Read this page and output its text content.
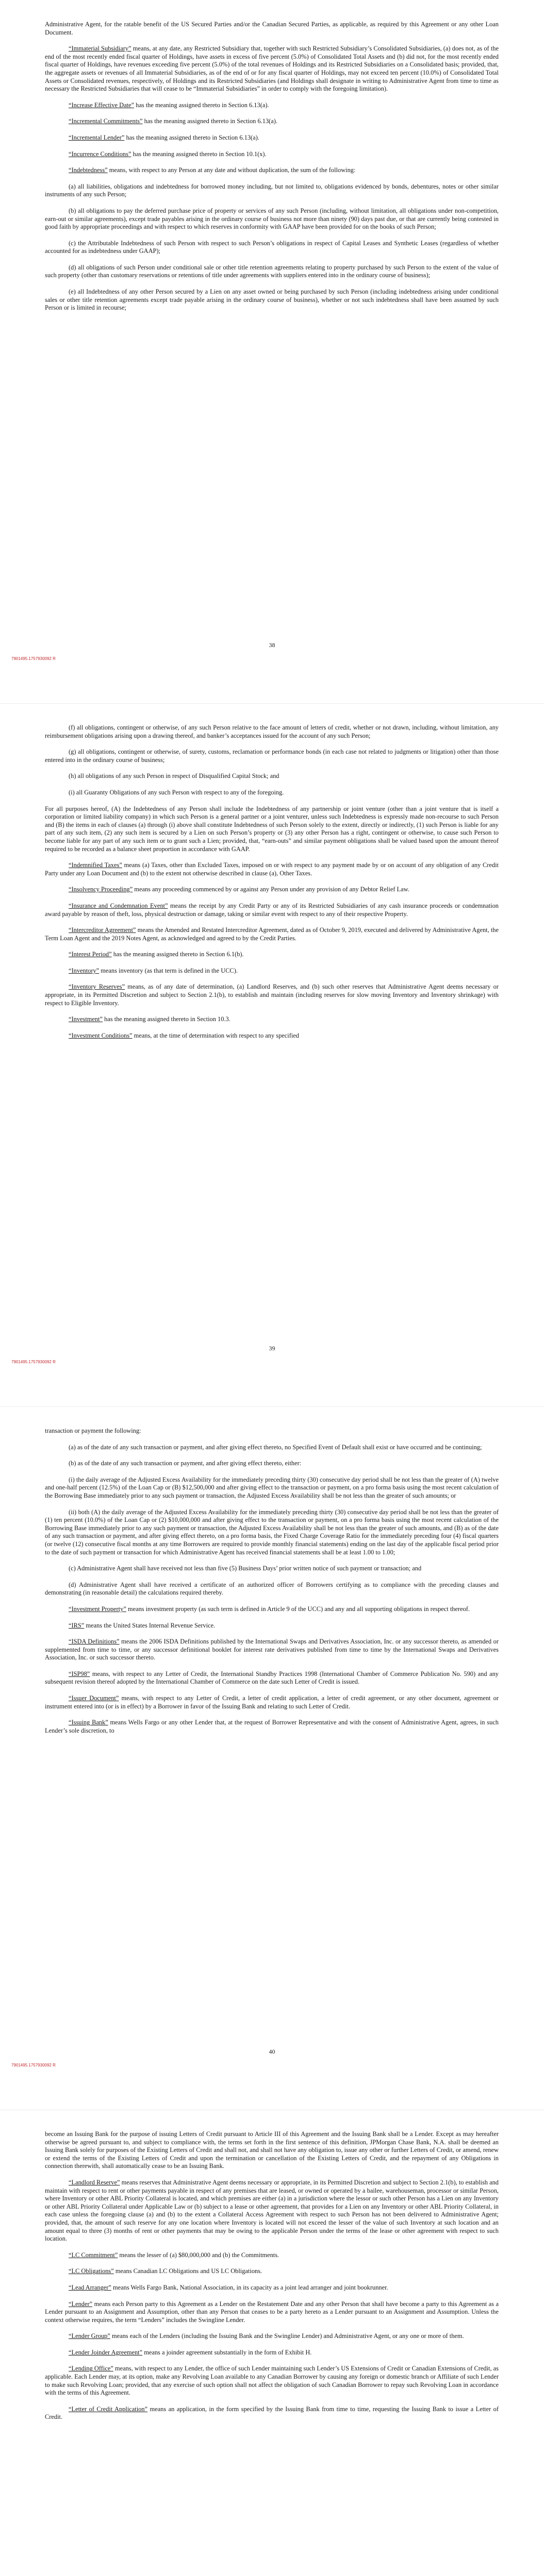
Administrative Agent, for the ratable benefit of the US Secured Parties and/or the Canadian Secured Parties, as applicable, as required by this Agreement or any other Loan Document.

“Immaterial Subsidiary” means, at any date, any Restricted Subsidiary that, together with such Restricted Subsidiary’s Consolidated Subsidiaries, (a) does not, as of the end of the most recently ended fiscal quarter of Holdings, have assets in excess of five percent (5.0%) of Consolidated Total Assets and (b) did not, for the most recently ended fiscal quarter of Holdings, have revenues exceeding five percent (5.0%) of the total revenues of Holdings and its Restricted Subsidiaries on a Consolidated basis; provided, that, the aggregate assets or revenues of all Immaterial Subsidiaries, as of the end of or for any fiscal quarter of Holdings, may not exceed ten percent (10.0%) of Consolidated Total Assets or Consolidated revenues, respectively, of Holdings and its Restricted Subsidiaries (and Holdings shall designate in writing to Administrative Agent from time to time as necessary the Restricted Subsidiaries that will cease to be “Immaterial Subsidiaries” in order to comply with the foregoing limitation).

“Increase Effective Date” has the meaning assigned thereto in Section 6.13(a).

“Incremental Commitments” has the meaning assigned thereto in Section 6.13(a).

“Incremental Lender” has the meaning assigned thereto in Section 6.13(a).

“Incurrence Conditions” has the meaning assigned thereto in Section 10.1(x).

“Indebtedness” means, with respect to any Person at any date and without duplication, the sum of the following:

(a) all liabilities, obligations and indebtedness for borrowed money including, but not limited to, obligations evidenced by bonds, debentures, notes or other similar instruments of any such Person;

(b) all obligations to pay the deferred purchase price of property or services of any such Person (including, without limitation, all obligations under non-competition, earn-out or similar agreements), except trade payables arising in the ordinary course of business not more than ninety (90) days past due, or that are currently being contested in good faith by appropriate proceedings and with respect to which reserves in conformity with GAAP have been provided for on the books of such Person;

(c) the Attributable Indebtedness of such Person with respect to such Person’s obligations in respect of Capital Leases and Synthetic Leases (regardless of whether accounted for as indebtedness under GAAP);

(d) all obligations of such Person under conditional sale or other title retention agreements relating to property purchased by such Person to the extent of the value of such property (other than customary reservations or retentions of title under agreements with suppliers entered into in the ordinary course of business);

(e) all Indebtedness of any other Person secured by a Lien on any asset owned or being purchased by such Person (including indebtedness arising under conditional sales or other title retention agreements except trade payable arising in the ordinary course of business), whether or not such indebtedness shall have been assumed by such Person or is limited in recourse;

38
7901495.1757930092 R

(f) all obligations, contingent or otherwise, of any such Person relative to the face amount of letters of credit, whether or not drawn, including, without limitation, any reimbursement obligations arising upon a drawing thereof, and banker’s acceptances issued for the account of any such Person;

(g) all obligations, contingent or otherwise, of surety, customs, reclamation or performance bonds (in each case not related to judgments or litigation) other than those entered into in the ordinary course of business;

(h) all obligations of any such Person in respect of Disqualified Capital Stock; and

(i) all Guaranty Obligations of any such Person with respect to any of the foregoing.

For all purposes hereof, (A) the Indebtedness of any Person shall include the Indebtedness of any partnership or joint venture (other than a joint venture that is itself a corporation or limited liability company) in which such Person is a general partner or a joint venturer, unless such Indebtedness is expressly made non-recourse to such Person and (B) the items in each of clauses (a) through (i) above shall constitute Indebtedness of such Person solely to the extent, directly or indirectly, (1) such Person is liable for any part of any such item, (2) any such item is secured by a Lien on such Person’s property or (3) any other Person has a right, contingent or otherwise, to cause such Person to become liable for any part of any such item or to grant such a Lien; provided, that, “earn-outs” and similar payment obligations shall be valued based upon the amount thereof required to be recorded as a balance sheet proportion in accordance with GAAP.

“Indemnified Taxes” means (a) Taxes, other than Excluded Taxes, imposed on or with respect to any payment made by or on account of any obligation of any Credit Party under any Loan Document and (b) to the extent not otherwise described in clause (a), Other Taxes.

“Insolvency Proceeding” means any proceeding commenced by or against any Person under any provision of any Debtor Relief Law.

“Insurance and Condemnation Event” means the receipt by any Credit Party or any of its Restricted Subsidiaries of any cash insurance proceeds or condemnation award payable by reason of theft, loss, physical destruction or damage, taking or similar event with respect to any of their respective Property.

“Intercreditor Agreement” means the Amended and Restated Intercreditor Agreement, dated as of October 9, 2019, executed and delivered by Administrative Agent, the Term Loan Agent and the 2019 Notes Agent, as acknowledged and agreed to by the Credit Parties.

“Interest Period” has the meaning assigned thereto in Section 6.1(b).

“Inventory” means inventory (as that term is defined in the UCC).

“Inventory Reserves” means, as of any date of determination, (a) Landlord Reserves, and (b) such other reserves that Administrative Agent deems necessary or appropriate, in its Permitted Discretion and subject to Section 2.1(b), to establish and maintain (including reserves for slow moving Inventory and Inventory shrinkage) with respect to Eligible Inventory.

“Investment” has the meaning assigned thereto in Section 10.3.

“Investment Conditions” means, at the time of determination with respect to any specified

39
7901495.1757930092 R

transaction or payment the following:

(a) as of the date of any such transaction or payment, and after giving effect thereto, no Specified Event of Default shall exist or have occurred and be continuing;

(b) as of the date of any such transaction or payment, and after giving effect thereto, either:

(i) the daily average of the Adjusted Excess Availability for the immediately preceding thirty (30) consecutive day period shall be not less than the greater of (A) twelve and one-half percent (12.5%) of the Loan Cap or (B) $12,500,000 and after giving effect to the transaction or payment, on a pro forma basis using the most recent calculation of the Borrowing Base immediately prior to any such payment or transaction, the Adjusted Excess Availability shall be not less than the greater of such amounts; or

(ii) both (A) the daily average of the Adjusted Excess Availability for the immediately preceding thirty (30) consecutive day period shall be not less than the greater of (1) ten percent (10.0%) of the Loan Cap or (2) $10,000,000 and after giving effect to the transaction or payment, on a pro forma basis using the most recent calculation of the Borrowing Base immediately prior to any such payment or transaction, the Adjusted Excess Availability shall be not less than the greater of such amounts, and (B) as of the date of any such transaction or payment, and after giving effect thereto, on a pro forma basis, the Fixed Charge Coverage Ratio for the immediately preceding four (4) fiscal quarters (or twelve (12) consecutive fiscal months at any time Borrowers are required to provide monthly financial statements) ending on the last day of the applicable fiscal period prior to the date of such payment or transaction for which Administrative Agent has received financial statements shall be at least 1.00 to 1.00;

(c) Administrative Agent shall have received not less than five (5) Business Days’ prior written notice of such payment or transaction; and

(d) Administrative Agent shall have received a certificate of an authorized officer of Borrowers certifying as to compliance with the preceding clauses and demonstrating (in reasonable detail) the calculations required thereby.

“Investment Property” means investment property (as such term is defined in Article 9 of the UCC) and any and all supporting obligations in respect thereof.

“IRS” means the United States Internal Revenue Service.

“ISDA Definitions” means the 2006 ISDA Definitions published by the International Swaps and Derivatives Association, Inc. or any successor thereto, as amended or supplemented from time to time, or any successor definitional booklet for interest rate derivatives published from time to time by the International Swaps and Derivatives Association, Inc. or such successor thereto.

“ISP98” means, with respect to any Letter of Credit, the International Standby Practices 1998 (International Chamber of Commerce Publication No. 590) and any subsequent revision thereof adopted by the International Chamber of Commerce on the date such Letter of Credit is issued.

“Issuer Document” means, with respect to any Letter of Credit, a letter of credit application, a letter of credit agreement, or any other document, agreement or instrument entered into (or is in effect) by a Borrower in favor of the Issuing Bank and relating to such Letter of Credit.

“Issuing Bank” means Wells Fargo or any other Lender that, at the request of Borrower Representative and with the consent of Administrative Agent, agrees, in such Lender’s sole discretion, to

40
7901495.1757930092 R

become an Issuing Bank for the purpose of issuing Letters of Credit pursuant to Article III of this Agreement and the Issuing Bank shall be a Lender. Except as may hereafter otherwise be agreed pursuant to, and subject to compliance with, the terms set forth in the first sentence of this definition, JPMorgan Chase Bank, N.A. shall be deemed an Issuing Bank solely for purposes of the Existing Letters of Credit and shall not, and shall not have any obligation to, issue any other or further Letters of Credit, or amend, renew or extend the terms of the Existing Letters of Credit and upon the termination or cancellation of the Existing Letters of Credit, and the repayment of any Obligations in connection therewith, shall automatically cease to be an Issuing Bank.

“Landlord Reserve” means reserves that Administrative Agent deems necessary or appropriate, in its Permitted Discretion and subject to Section 2.1(b), to establish and maintain with respect to rent or other payments payable in respect of any premises that are leased, or owned or operated by a bailee, warehouseman, processor or similar Person, where Inventory or other ABL Priority Collateral is located, and which premises are either (a) in a jurisdiction where the lessor or such other Person has a Lien on any Inventory or other ABL Priority Collateral under Applicable Law or (b) subject to a lease or other agreement, that provides for a Lien on any Inventory or other ABL Priority Collateral, in each case unless the foregoing clause (a) and (b) to the extent a Collateral Access Agreement with respect to such Person has not been delivered to Administrative Agent; provided, that, the amount of such reserve for any one location where Inventory is located will not exceed the lesser of the value of such Inventory at such location and an amount equal to three (3) months of rent or other payments that may be owing to the applicable Person under the terms of the lease or other agreement with respect to such location.

“LC Commitment” means the lesser of (a) $80,000,000 and (b) the Commitments.

“LC Obligations” means Canadian LC Obligations and US LC Obligations.

“Lead Arranger” means Wells Fargo Bank, National Association, in its capacity as a joint lead arranger and joint bookrunner.

“Lender” means each Person party to this Agreement as a Lender on the Restatement Date and any other Person that shall have become a party to this Agreement as a Lender pursuant to an Assignment and Assumption, other than any Person that ceases to be a party hereto as a Lender pursuant to an Assignment and Assumption. Unless the context otherwise requires, the term “Lenders” includes the Swingline Lender.

“Lender Group” means each of the Lenders (including the Issuing Bank and the Swingline Lender) and Administrative Agent, or any one or more of them.

“Lender Joinder Agreement” means a joinder agreement substantially in the form of Exhibit H.

“Lending Office” means, with respect to any Lender, the office of such Lender maintaining such Lender’s US Extensions of Credit or Canadian Extensions of Credit, as applicable. Each Lender may, at its option, make any Revolving Loan available to any Canadian Borrower by causing any foreign or domestic branch or Affiliate of such Lender to make such Revolving Loan; provided, that any exercise of such option shall not affect the obligation of such Canadian Borrower to repay such Revolving Loan in accordance with the terms of this Agreement.

“Letter of Credit Application” means an application, in the form specified by the Issuing Bank from time to time, requesting the Issuing Bank to issue a Letter of Credit.
